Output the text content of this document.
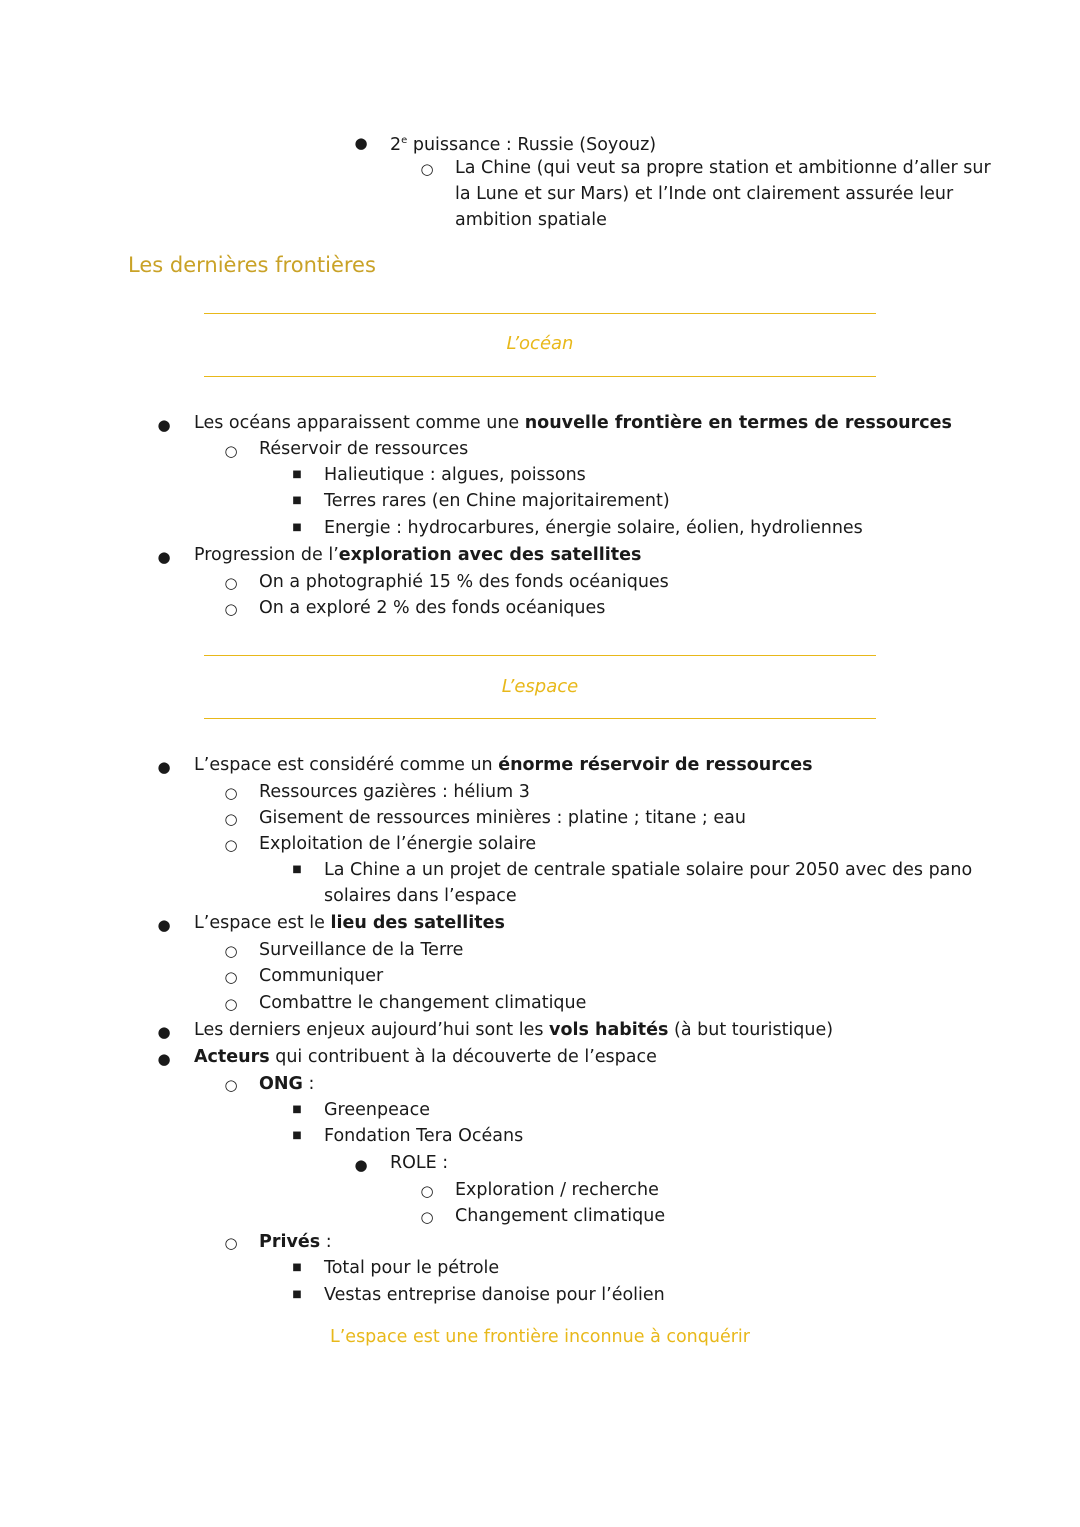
● 2e puissance : Russie (Soyouz)
○ La Chine (qui veut sa propre station et ambitionne d’aller sur
la Lune et sur Mars) et l’Inde ont clairement assurée leur
ambition spatiale
Les dernières frontières
L’océan
● Les océans apparaissent comme une nouvelle frontière en termes de ressources
○ Réservoir de ressources
■ Halieutique : algues, poissons
■ Terres rares (en Chine majoritairement)
■ Energie : hydrocarbures, énergie solaire, éolien, hydroliennes
● Progression de l’exploration avec des satellites
○ On a photographié 15 % des fonds océaniques
○ On a exploré 2 % des fonds océaniques
L’espace
● L’espace est considéré comme un énorme réservoir de ressources
○ Ressources gazières : hélium 3
○ Gisement de ressources minières : platine ; titane ; eau
○ Exploitation de l’énergie solaire
■ La Chine a un projet de centrale spatiale solaire pour 2050 avec des pano
solaires dans l’espace
● L’espace est le lieu des satellites
○ Surveillance de la Terre
○ Communiquer
○ Combattre le changement climatique
● Les derniers enjeux aujourd’hui sont les vols habités (à but touristique)
● Acteurs qui contribuent à la découverte de l’espace
○ ONG :
■ Greenpeace
■ Fondation Tera Océans
● ROLE :
○ Exploration / recherche
○ Changement climatique
○ Privés :
■ Total pour le pétrole
■ Vestas entreprise danoise pour l’éolien
L’espace est une frontière inconnue à conquérir
